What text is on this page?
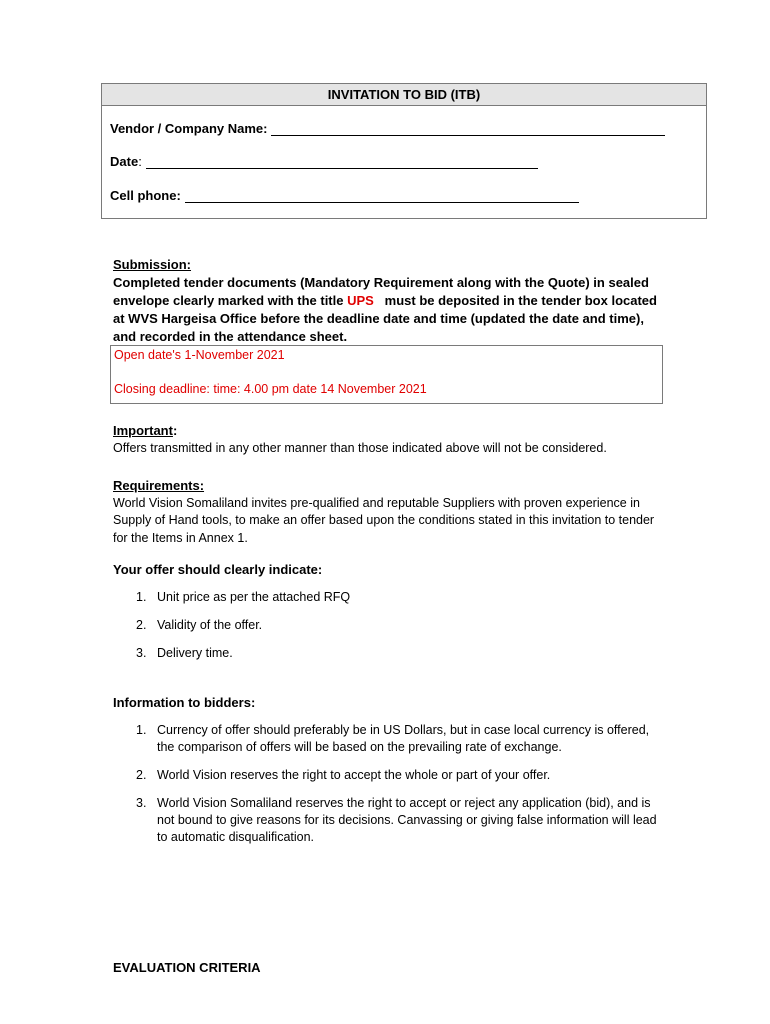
INVITATION TO BID (ITB)
Vendor / Company Name:
Date :
Cell phone:
Submission:
Completed tender documents (Mandatory Requirement along with the Quote) in sealed envelope clearly marked with the title UPS   must be deposited in the tender box located at WVS Hargeisa Office before the deadline date and time (updated the date and time), and recorded in the attendance sheet.
Open date's 1-November 2021
Closing deadline: time: 4.00 pm date 14 November 2021
Important:
Offers transmitted in any other manner than those indicated above will not be considered.
Requirements:
World Vision Somaliland invites pre-qualified and reputable Suppliers with proven experience in Supply of Hand tools, to make an offer based upon the conditions stated in this invitation to tender for the Items in Annex 1.
Your offer should clearly indicate:
1. Unit price as per the attached RFQ
2. Validity of the offer.
3. Delivery time.
Information to bidders:
1. Currency of offer should preferably be in US Dollars, but in case local currency is offered, the comparison of offers will be based on the prevailing rate of exchange.
2. World Vision reserves the right to accept the whole or part of your offer.
3. World Vision Somaliland reserves the right to accept or reject any application (bid), and is not bound to give reasons for its decisions. Canvassing or giving false information will lead to automatic disqualification.
EVALUATION CRITERIA
